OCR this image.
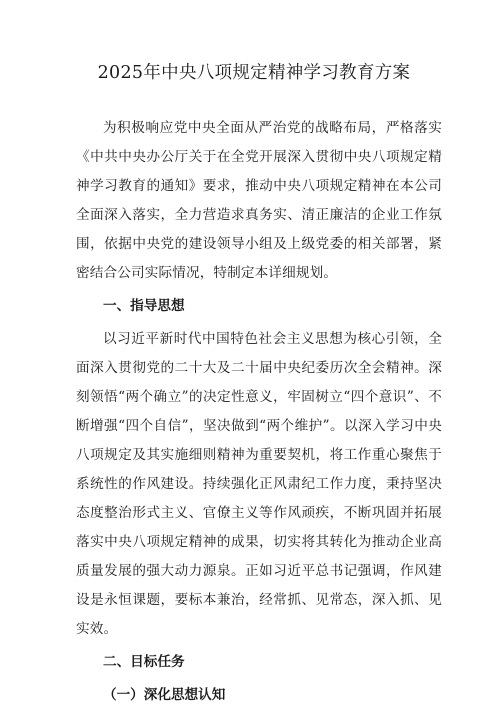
2025年中央八项规定精神学习教育方案

为积极响应党中央全面从严治党的战略布局，严格落实《中共中央办公厅关于在全党开展深入贯彻中央八项规定精神学习教育的通知》要求，推动中央八项规定精神在本公司全面深入落实，全力营造求真务实、清正廉洁的企业工作氛围，依据中央党的建设领导小组及上级党委的相关部署，紧密结合公司实际情况，特制定本详细规划。

一、指导思想

以习近平新时代中国特色社会主义思想为核心引领，全面深入贯彻党的二十大及二十届中央纪委历次全会精神。深刻领悟“两个确立”的决定性意义，牢固树立“四个意识”、不断增强“四个自信”，坚决做到“两个维护”。以深入学习中央八项规定及其实施细则精神为重要契机，将工作重心聚焦于系统性的作风建设。持续强化正风肃纪工作力度，秉持坚决态度整治形式主义、官僚主义等作风顽疾，不断巩固并拓展落实中央八项规定精神的成果，切实将其转化为推动企业高质量发展的强大动力源泉。正如习近平总书记强调，作风建设是永恒课题，要标本兼治，经常抓、见常态，深入抓、见实效。

二、目标任务

（一）深化思想认知
